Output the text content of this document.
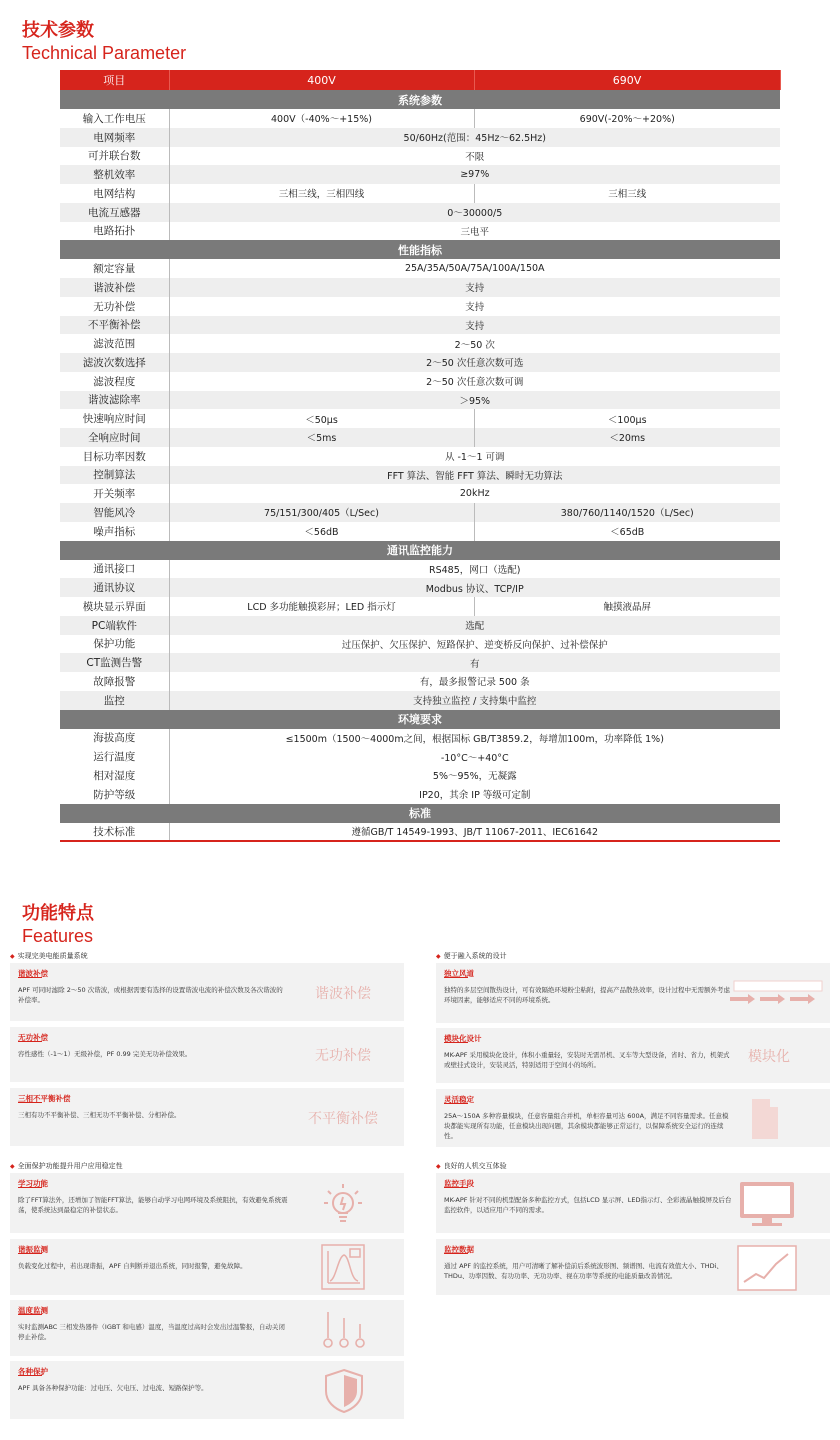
技术参数
Technical Parameter
项目	400V	690V
系统参数		
输入工作电压	400V（-40%～+15%)	690V(-20%～+20%)
电网频率	50/60Hz(范围：45Hz～62.5Hz)	
可并联台数	不限	
整机效率	≥97%	
电网结构	三相三线，三相四线	三相三线
电流互感器	0～30000/5	
电路拓扑	三电平	
性能指标		
额定容量	25A/35A/50A/75A/100A/150A	
谐波补偿	支持	
无功补偿	支持	
不平衡补偿	支持	
滤波范围	2～50 次	
滤波次数选择	2～50 次任意次数可选	
滤波程度	2～50 次任意次数可调	
谐波滤除率	＞95%	
快速响应时间	＜50μs	＜100μs
全响应时间	＜5ms	＜20ms
目标功率因数	从 -1～1 可调	
控制算法	FFT 算法、智能 FFT 算法、瞬时无功算法	
开关频率	20kHz	
智能风冷	75/151/300/405（L/Sec)	380/760/1140/1520（L/Sec)
噪声指标	＜56dB	＜65dB
通讯监控能力		
通讯接口	RS485，网口（选配)	
通讯协议	Modbus 协议、TCP/IP	
模块显示界面	LCD 多功能触摸彩屏；LED 指示灯	触摸液晶屏
PC端软件	选配	
保护功能	过压保护、欠压保护、短路保护、逆变桥反向保护、过补偿保护	
CT监测告警	有	
故障报警	有，最多报警记录 500 条	
监控	支持独立监控 / 支持集中监控	
环境要求		
海拔高度	≤1500m（1500～4000m之间，根据国标 GB/T3859.2，每增加100m，功率降低 1%)	
运行温度	-10°C～+40°C	
相对湿度	5%～95%，无凝露	
防护等级	IP20，其余 IP 等级可定制	
标准		
技术标准	遵循GB/T 14549-1993、JB/T 11067-2011、IEC61642	
功能特点
Features
◆ 实现完美电能质量系统	◆ 便于融入系统的设计
谐波补偿
APF 可同时滤除 2～50 次谐波，或根据需要有选择的设置谐波电流的补偿次数及各次谐波的补偿率。	谐波补偿
无功补偿
容性感性（-1～1）无级补偿，PF 0.99 完美无功补偿效果。	无功补偿
三相不平衡补偿
三相有功不平衡补偿、三相无功不平衡补偿、分相补偿。	不平衡补偿
◆ 全面保护功能提升用户应用稳定性	◆ 良好的人机交互体验
学习功能
除了FFT算法外，还增加了智能FFT算法，能够自动学习电网环境及系统阻抗，有效避免系统震荡，使系统达到最稳定的补偿状态。
谐振监测
负载变化过程中，若出现谐振，APF 自判断并退出系统，同时报警，避免故障。
温度监测
实时监测ABC 三相发热器件（IGBT 和电感）温度，当温度过高时会发出过温警报，自动关闭停止补偿。
各种保护
APF 具备各种保护功能：过电压、欠电压、过电流、短路保护等。
独立风道
独特的多层空间散热设计，可有效隔绝环境粉尘粘附，提高产品散热效率，设计过程中无需额外考虑环境因素，能够适应不同的环境系统。
模块化设计
MK-APF 采用模块化设计，体积小重量轻，安装时无需吊机、叉车等大型设备，省时、省力，机架式或壁挂式设计，安装灵活，特别适用于空间小的场所。	模块化
灵活稳定
25A～150A 多种容量模块，任意容量组合并机，单柜容量可达 600A，满足不同容量需求。任意模块都能实现所有功能，任意模块出现问题，其余模块都能够正常运行，以保障系统安全运行的连续性。
监控手段
MK-APF 针对不同的机型配备多种监控方式，包括LCD 显示屏、LED指示灯、全彩液晶触摸屏及后台监控软件，以适应用户不同的需求。
监控数据
通过 APF 的监控系统，用户可清晰了解补偿前后系统波形图、频谱图、电流有效值大小、THDi、THDu、功率因数、有功功率、无功功率、视在功率等系统的电能质量改善情况。
